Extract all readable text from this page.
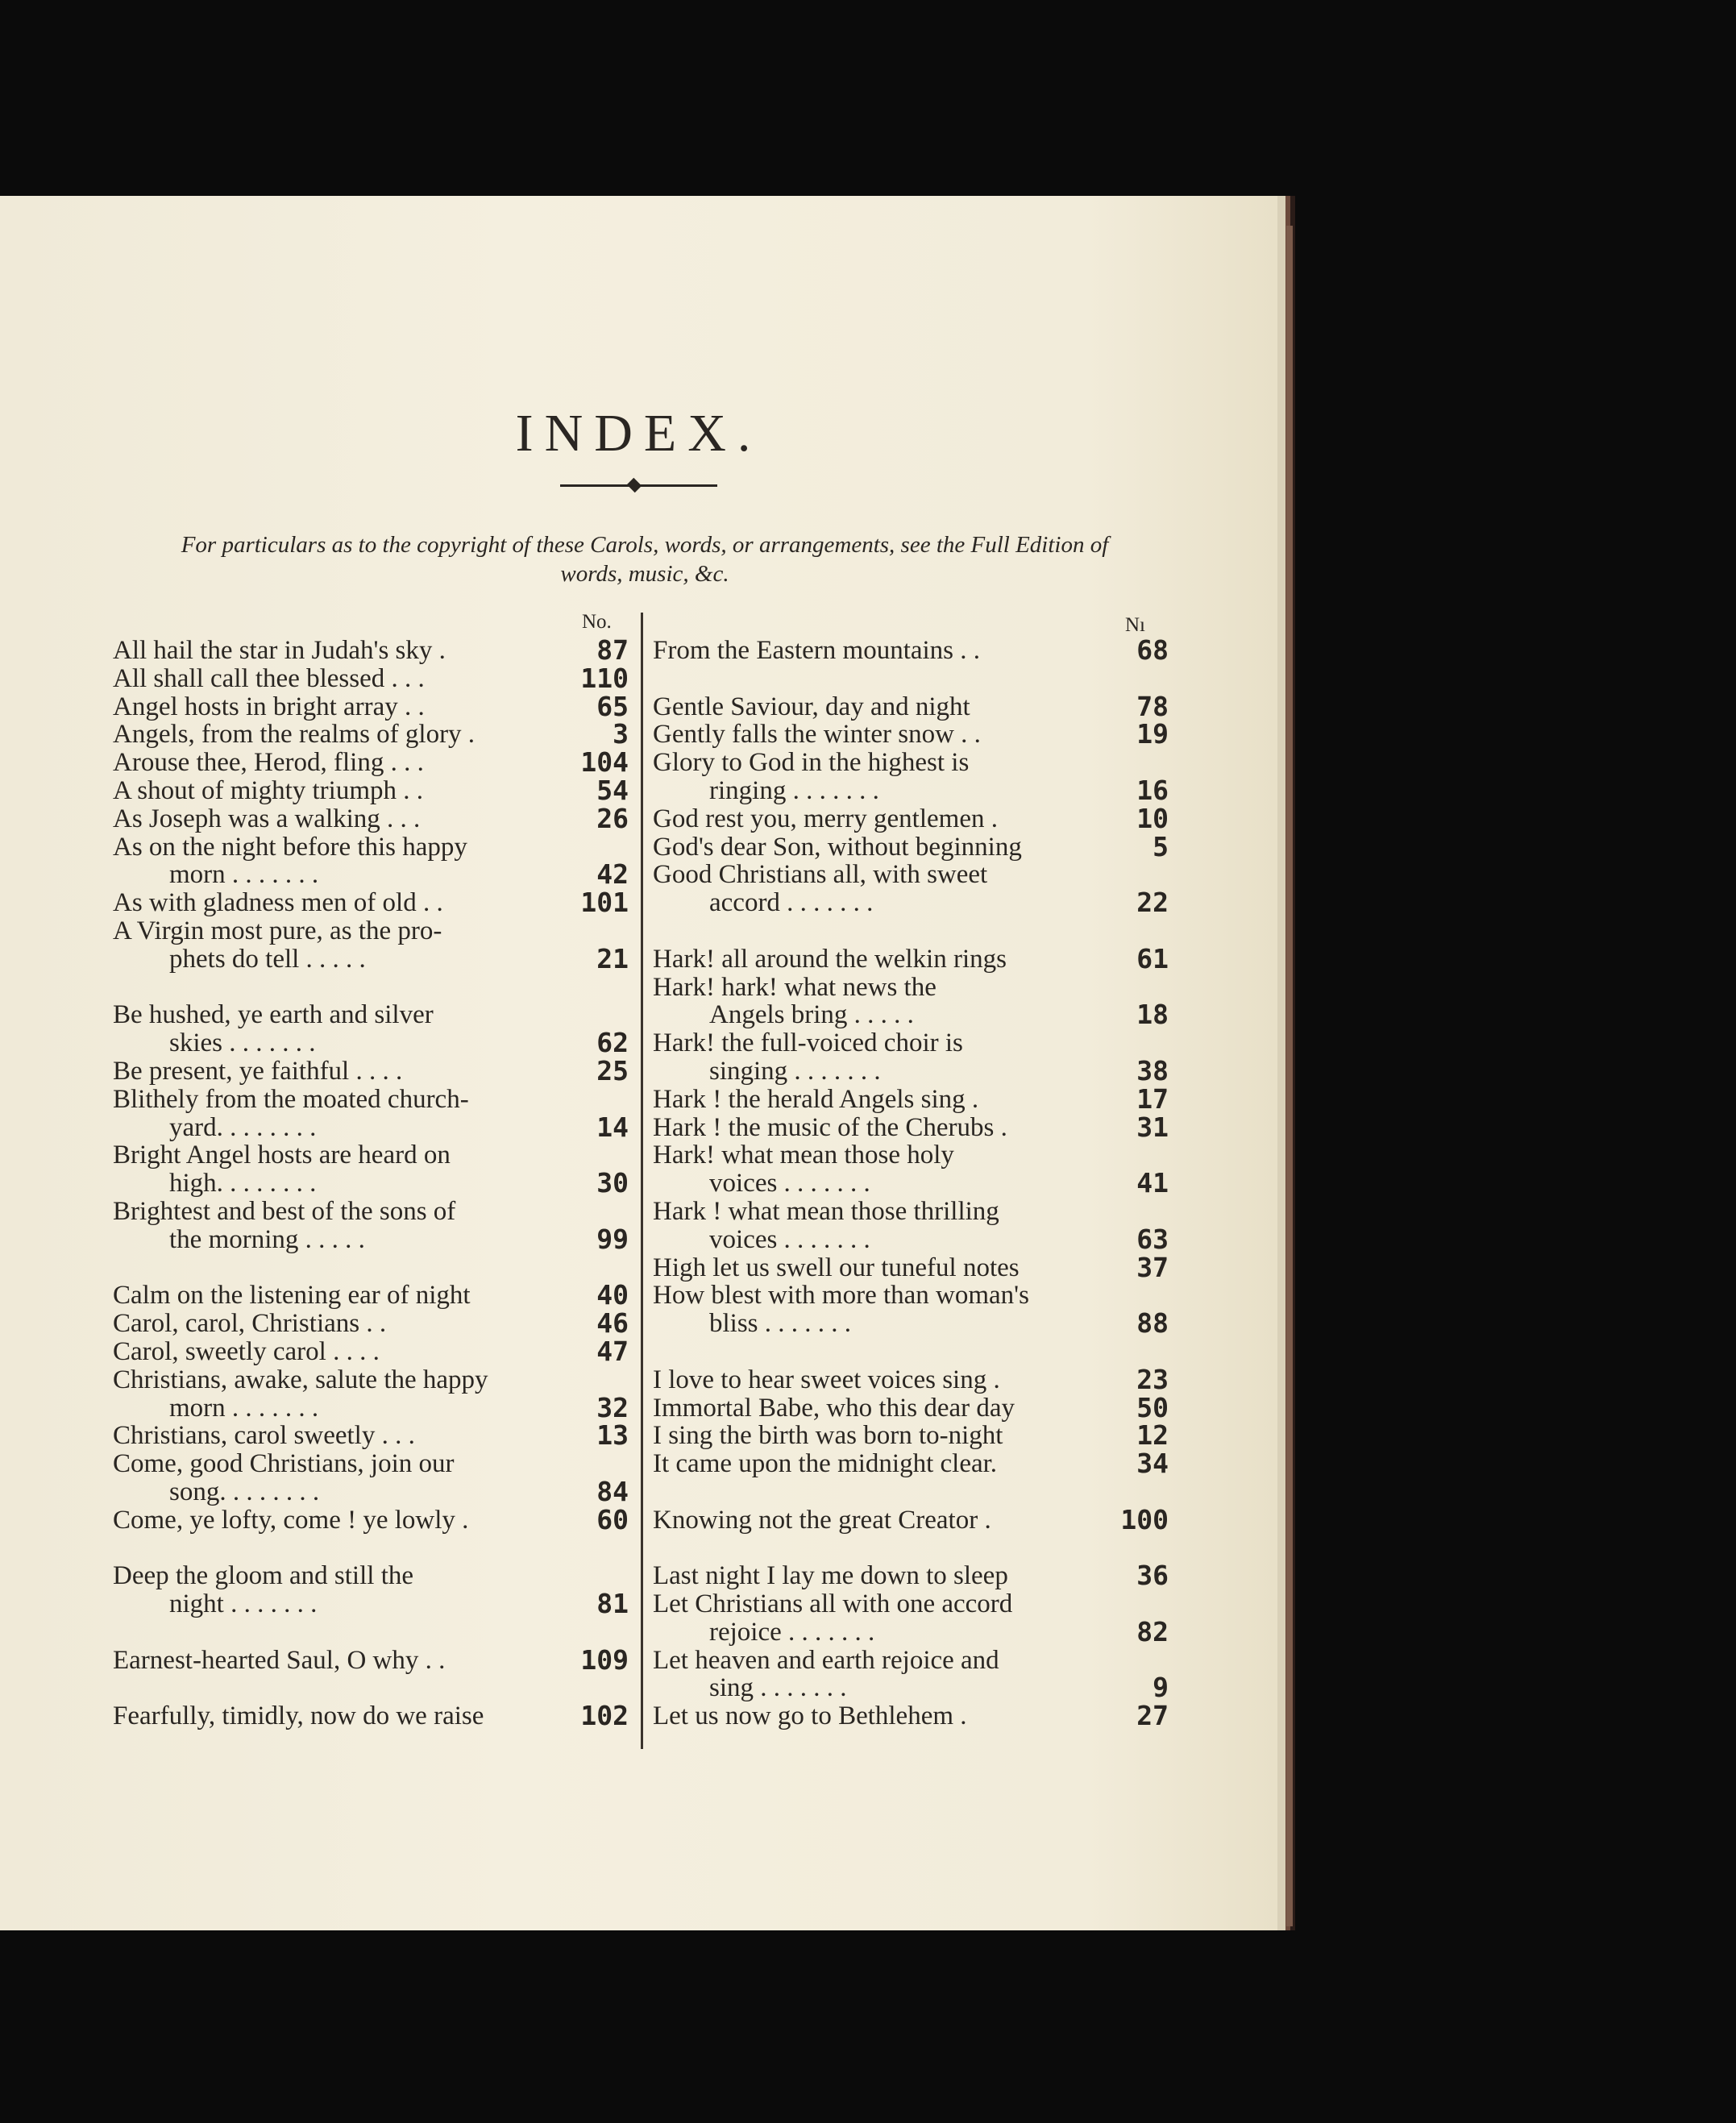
INDEX.
For particulars as to the copyright of these Carols, words, or arrangements, see the Full Edition of words, music, &c.
No.	Nı
All hail the star in Judah's sky .	87
All shall call thee blessed . . .	110
Angel hosts in bright array . .	65
Angels, from the realms of glory .	3
Arouse thee, Herod, fling . . .	104
A shout of mighty triumph . .	54
As Joseph was a walking . . .	26
As on the night before this happy
morn . . . . . . .	42
As with gladness men of old . .	101
A Virgin most pure, as the pro-
phets do tell . . . . .	21
Be hushed, ye earth and silver
skies . . . . . . .	62
Be present, ye faithful . . . .	25
Blithely from the moated church-
yard. . . . . . . .	14
Bright Angel hosts are heard on
high. . . . . . . .	30
Brightest and best of the sons of
the morning . . . . .	99
Calm on the listening ear of night	40
Carol, carol, Christians . .	46
Carol, sweetly carol . . . .	47
Christians, awake, salute the happy
morn . . . . . . .	32
Christians, carol sweetly . . .	13
Come, good Christians, join our
song. . . . . . . .	84
Come, ye lofty, come ! ye lowly .	60
Deep the gloom and still the
night . . . . . . .	81
Earnest-hearted Saul, O why . .	109
Fearfully, timidly, now do we raise	102
From the Eastern mountains . .	68
Gentle Saviour, day and night	78
Gently falls the winter snow . .	19
Glory to God in the highest is
ringing . . . . . . .	16
God rest you, merry gentlemen .	10
God's dear Son, without beginning	5
Good Christians all, with sweet
accord . . . . . . .	22
Hark! all around the welkin rings	61
Hark! hark! what news the
Angels bring . . . . .	18
Hark! the full-voiced choir is
singing . . . . . . .	38
Hark ! the herald Angels sing .	17
Hark ! the music of the Cherubs .	31
Hark! what mean those holy
voices . . . . . . .	41
Hark ! what mean those thrilling
voices . . . . . . .	63
High let us swell our tuneful notes	37
How blest with more than woman's
bliss . . . . . . .	88
I love to hear sweet voices sing .	23
Immortal Babe, who this dear day	50
I sing the birth was born to-night	12
It came upon the midnight clear.	34
Knowing not the great Creator .	100
Last night I lay me down to sleep	36
Let Christians all with one accord
rejoice . . . . . . .	82
Let heaven and earth rejoice and
sing . . . . . . .	9
Let us now go to Bethlehem .	27
